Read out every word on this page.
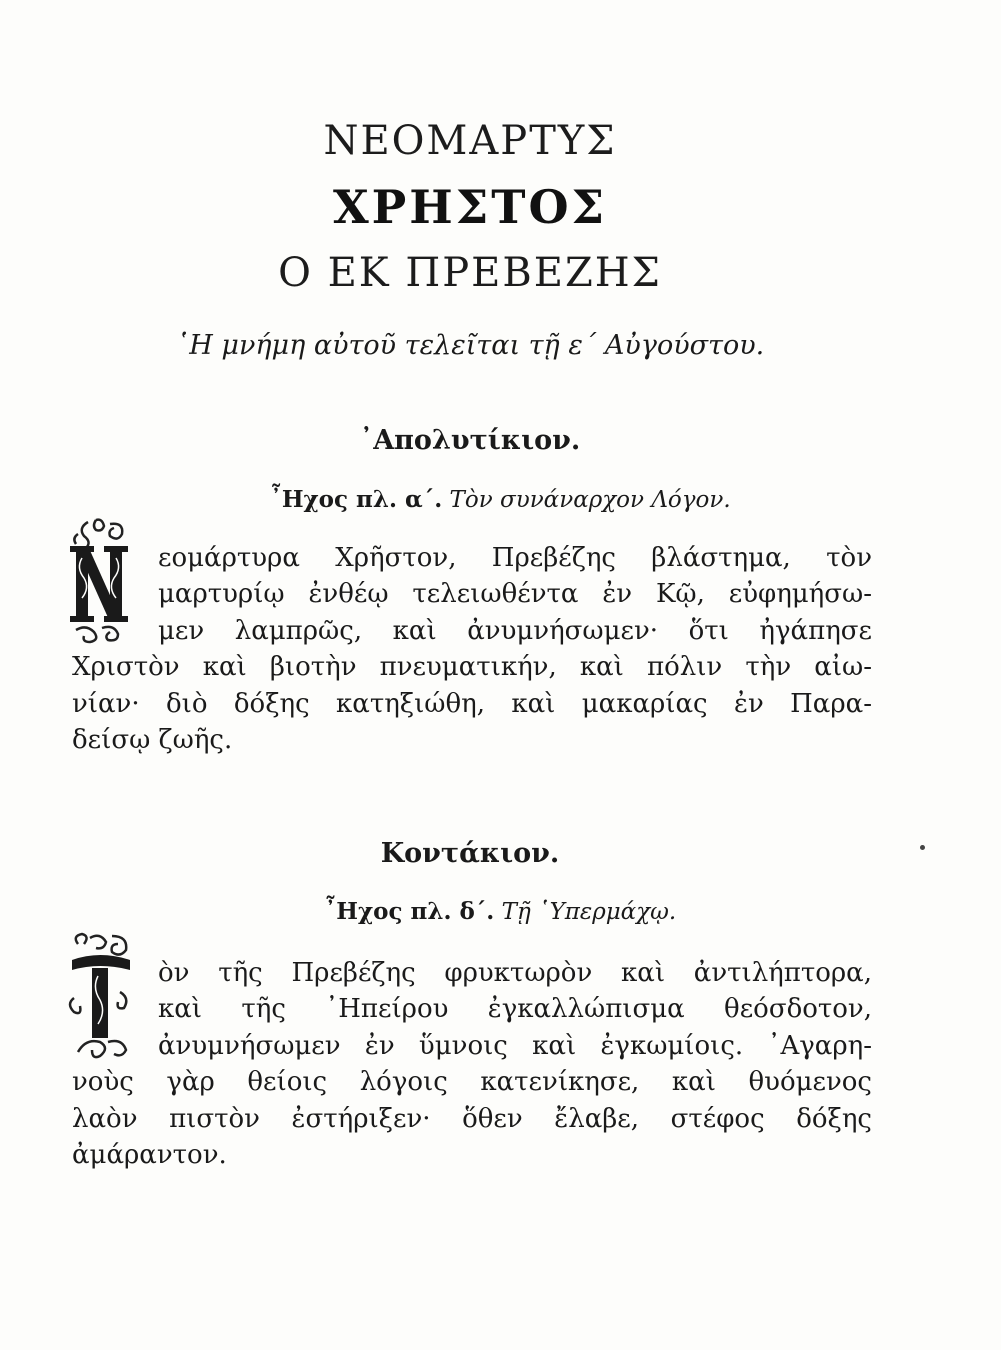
ΝΕΟΜΑΡΤΥΣ
ΧΡΗΣΤΟΣ
Ο ΕΚ ΠΡΕΒΕΖΗΣ
῾Η μνήμη αὐτοῦ τελεῖται τῇ ε´ Αὐγούστου.
᾿Απολυτίκιον.
῏Ηχος πλ. α´. Τὸν συνάναρχον Λόγον.
εομάρτυρα Χρῆστον, Πρεβέζης βλάστημα, τὸν
μαρτυρίῳ ἐνθέῳ τελειωθέντα ἐν Κῷ, εὐφημήσω-
μεν λαμπρῶς, καὶ ἀνυμνήσωμεν· ὅτι ἠγάπησε
Χριστὸν καὶ βιοτὴν πνευματικήν, καὶ πόλιν τὴν αἰω-
νίαν· διὸ δόξης κατηξιώθη, καὶ μακαρίας ἐν Παρα-
δείσῳ ζωῆς.
Κοντάκιον.
῏Ηχος πλ. δ´. Τῇ ῾Υπερμάχῳ.
ὸν τῆς Πρεβέζης φρυκτωρὸν καὶ ἀντιλήπτορα,
καὶ τῆς ᾿Ηπείρου ἐγκαλλώπισμα θεόσδοτον,
ἀνυμνήσωμεν ἐν ὕμνοις καὶ ἐγκωμίοις. ᾿Αγαρη-
νοὺς γὰρ θείοις λόγοις κατενίκησε, καὶ θυόμενος
λαὸν πιστὸν ἐστήριξεν· ὅθεν ἔλαβε, στέφος δόξης
ἀμάραντον.
